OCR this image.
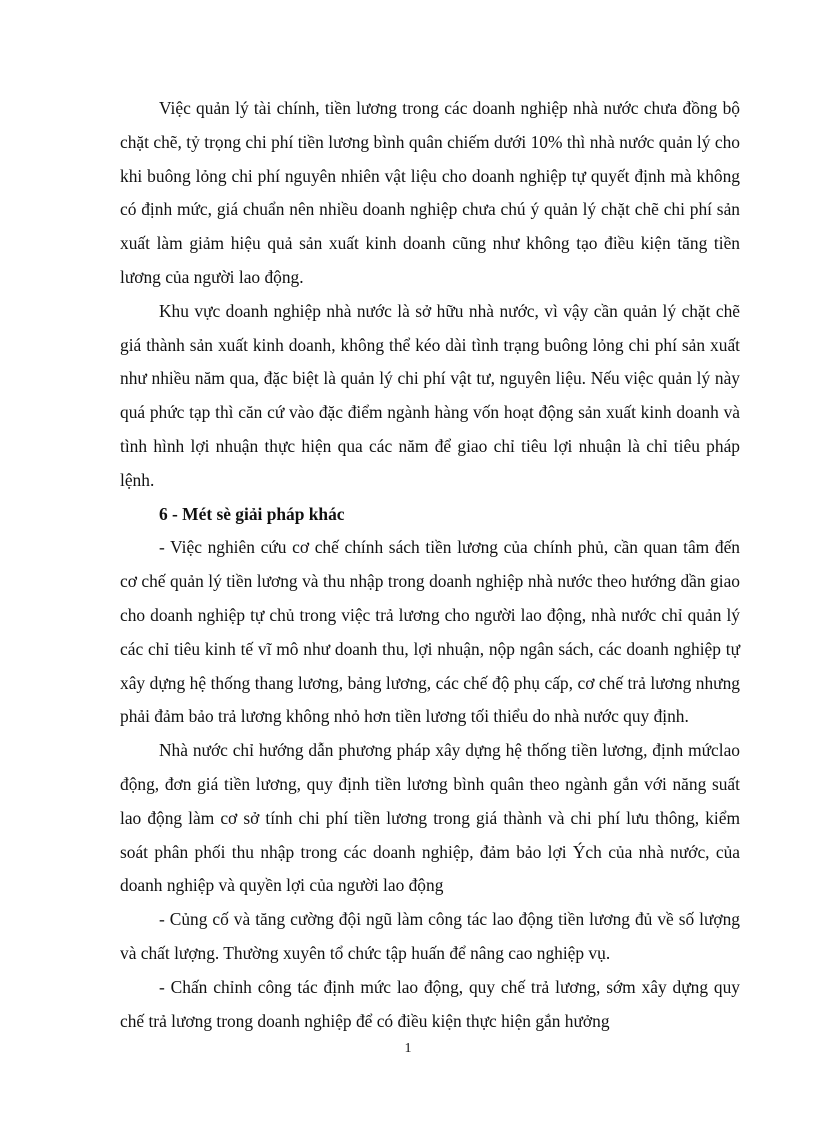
Việc quản lý tài chính, tiền lương trong các doanh nghiệp nhà nước chưa đồng bộ chặt chẽ, tỷ trọng chi phí tiền lương bình quân chiếm dưới 10% thì nhà nước quản lý cho khi buông lỏng chi phí nguyên nhiên vật liệu cho doanh nghiệp tự quyết định mà không có định mức, giá chuẩn nên nhiều doanh nghiệp chưa chú ý quản lý chặt chẽ chi phí sản xuất làm giảm hiệu quả sản xuất kinh doanh cũng như không tạo điều kiện tăng tiền lương của người lao động.

Khu vực doanh nghiệp nhà nước là sở hữu nhà nước, vì vậy cần quản lý chặt chẽ giá thành sản xuất kinh doanh, không thể kéo dài tình trạng buông lỏng chi phí sản xuất như nhiều năm qua, đặc biệt là quản lý chi phí vật tư, nguyên liệu. Nếu việc quản lý này quá phức tạp thì căn cứ vào đặc điểm ngành hàng vốn hoạt động sản xuất kinh doanh và tình hình lợi nhuận thực hiện qua các năm để giao chỉ tiêu lợi nhuận là chỉ tiêu pháp lệnh.

6 - Mét sè giải pháp khác

- Việc nghiên cứu cơ chế chính sách tiền lương của chính phủ, cần quan tâm đến cơ chế quản lý tiền lương và thu nhập trong doanh nghiệp nhà nước theo hướng dần giao cho doanh nghiệp tự chủ trong việc trả lương cho người lao động, nhà nước chỉ quản lý các chỉ tiêu kinh tế vĩ mô như doanh thu, lợi nhuận, nộp ngân sách, các doanh nghiệp tự xây dựng hệ thống thang lương, bảng lương, các chế độ phụ cấp, cơ chế trả lương nhưng phải đảm bảo trả lương không nhỏ hơn tiền lương tối thiểu do nhà nước quy định.

Nhà nước chỉ hướng dẫn phương pháp xây dựng hệ thống tiền lương, định mứclao động, đơn giá tiền lương, quy định tiền lương bình quân theo ngành gắn với năng suất lao động làm cơ sở tính chi phí tiền lương trong giá thành và chi phí lưu thông, kiểm soát phân phối thu nhập trong các doanh nghiệp, đảm bảo lợi Ých của nhà nước, của doanh nghiệp và quyền lợi của người lao động

- Củng cố và tăng cường đội ngũ làm công tác lao động tiền lương đủ về số lượng và chất lượng. Thường xuyên tổ chức tập huấn để nâng cao nghiệp vụ.

- Chấn chỉnh công tác định mức lao động, quy chế trả lương, sớm xây dựng quy chế trả lương trong doanh nghiệp để có điều kiện thực hiện gắn hưởng

1
